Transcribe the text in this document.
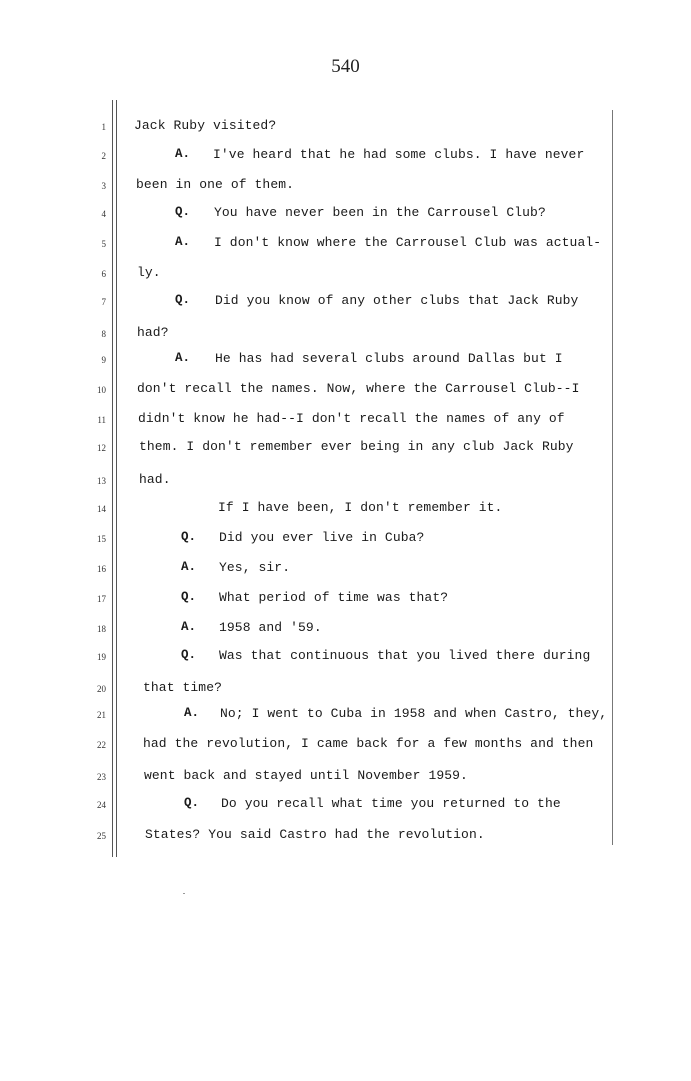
540
1 Jack Ruby visited?
2	A. I've heard that he had some clubs. I have never
3 been in one of them.
4	Q. You have never been in the Carrousel Club?
5	A. I don't know where the Carrousel Club was actual-
6 ly.
7	Q. Did you know of any other clubs that Jack Ruby
8 had?
9	A. He has had several clubs around Dallas but I
10 don't recall the names. Now, where the Carrousel Club--I
11 didn't know he had--I don't recall the names of any of
12	them. I don't remember ever being in any club Jack Ruby
13	had.
14	If I have been, I don't remember it.
15	Q. Did you ever live in Cuba?
16	A. Yes, sir.
17	Q. What period of time was that?
18	A. 1958 and '59.
19	Q. Was that continuous that you lived there during
20	that time?
21	A. No; I went to Cuba in 1958 and when Castro, they,
22	had the revolution, I came back for a few months and then
23	went back and stayed until November 1959.
24	Q. Do you recall what time you returned to the
25	States? You said Castro had the revolution.
